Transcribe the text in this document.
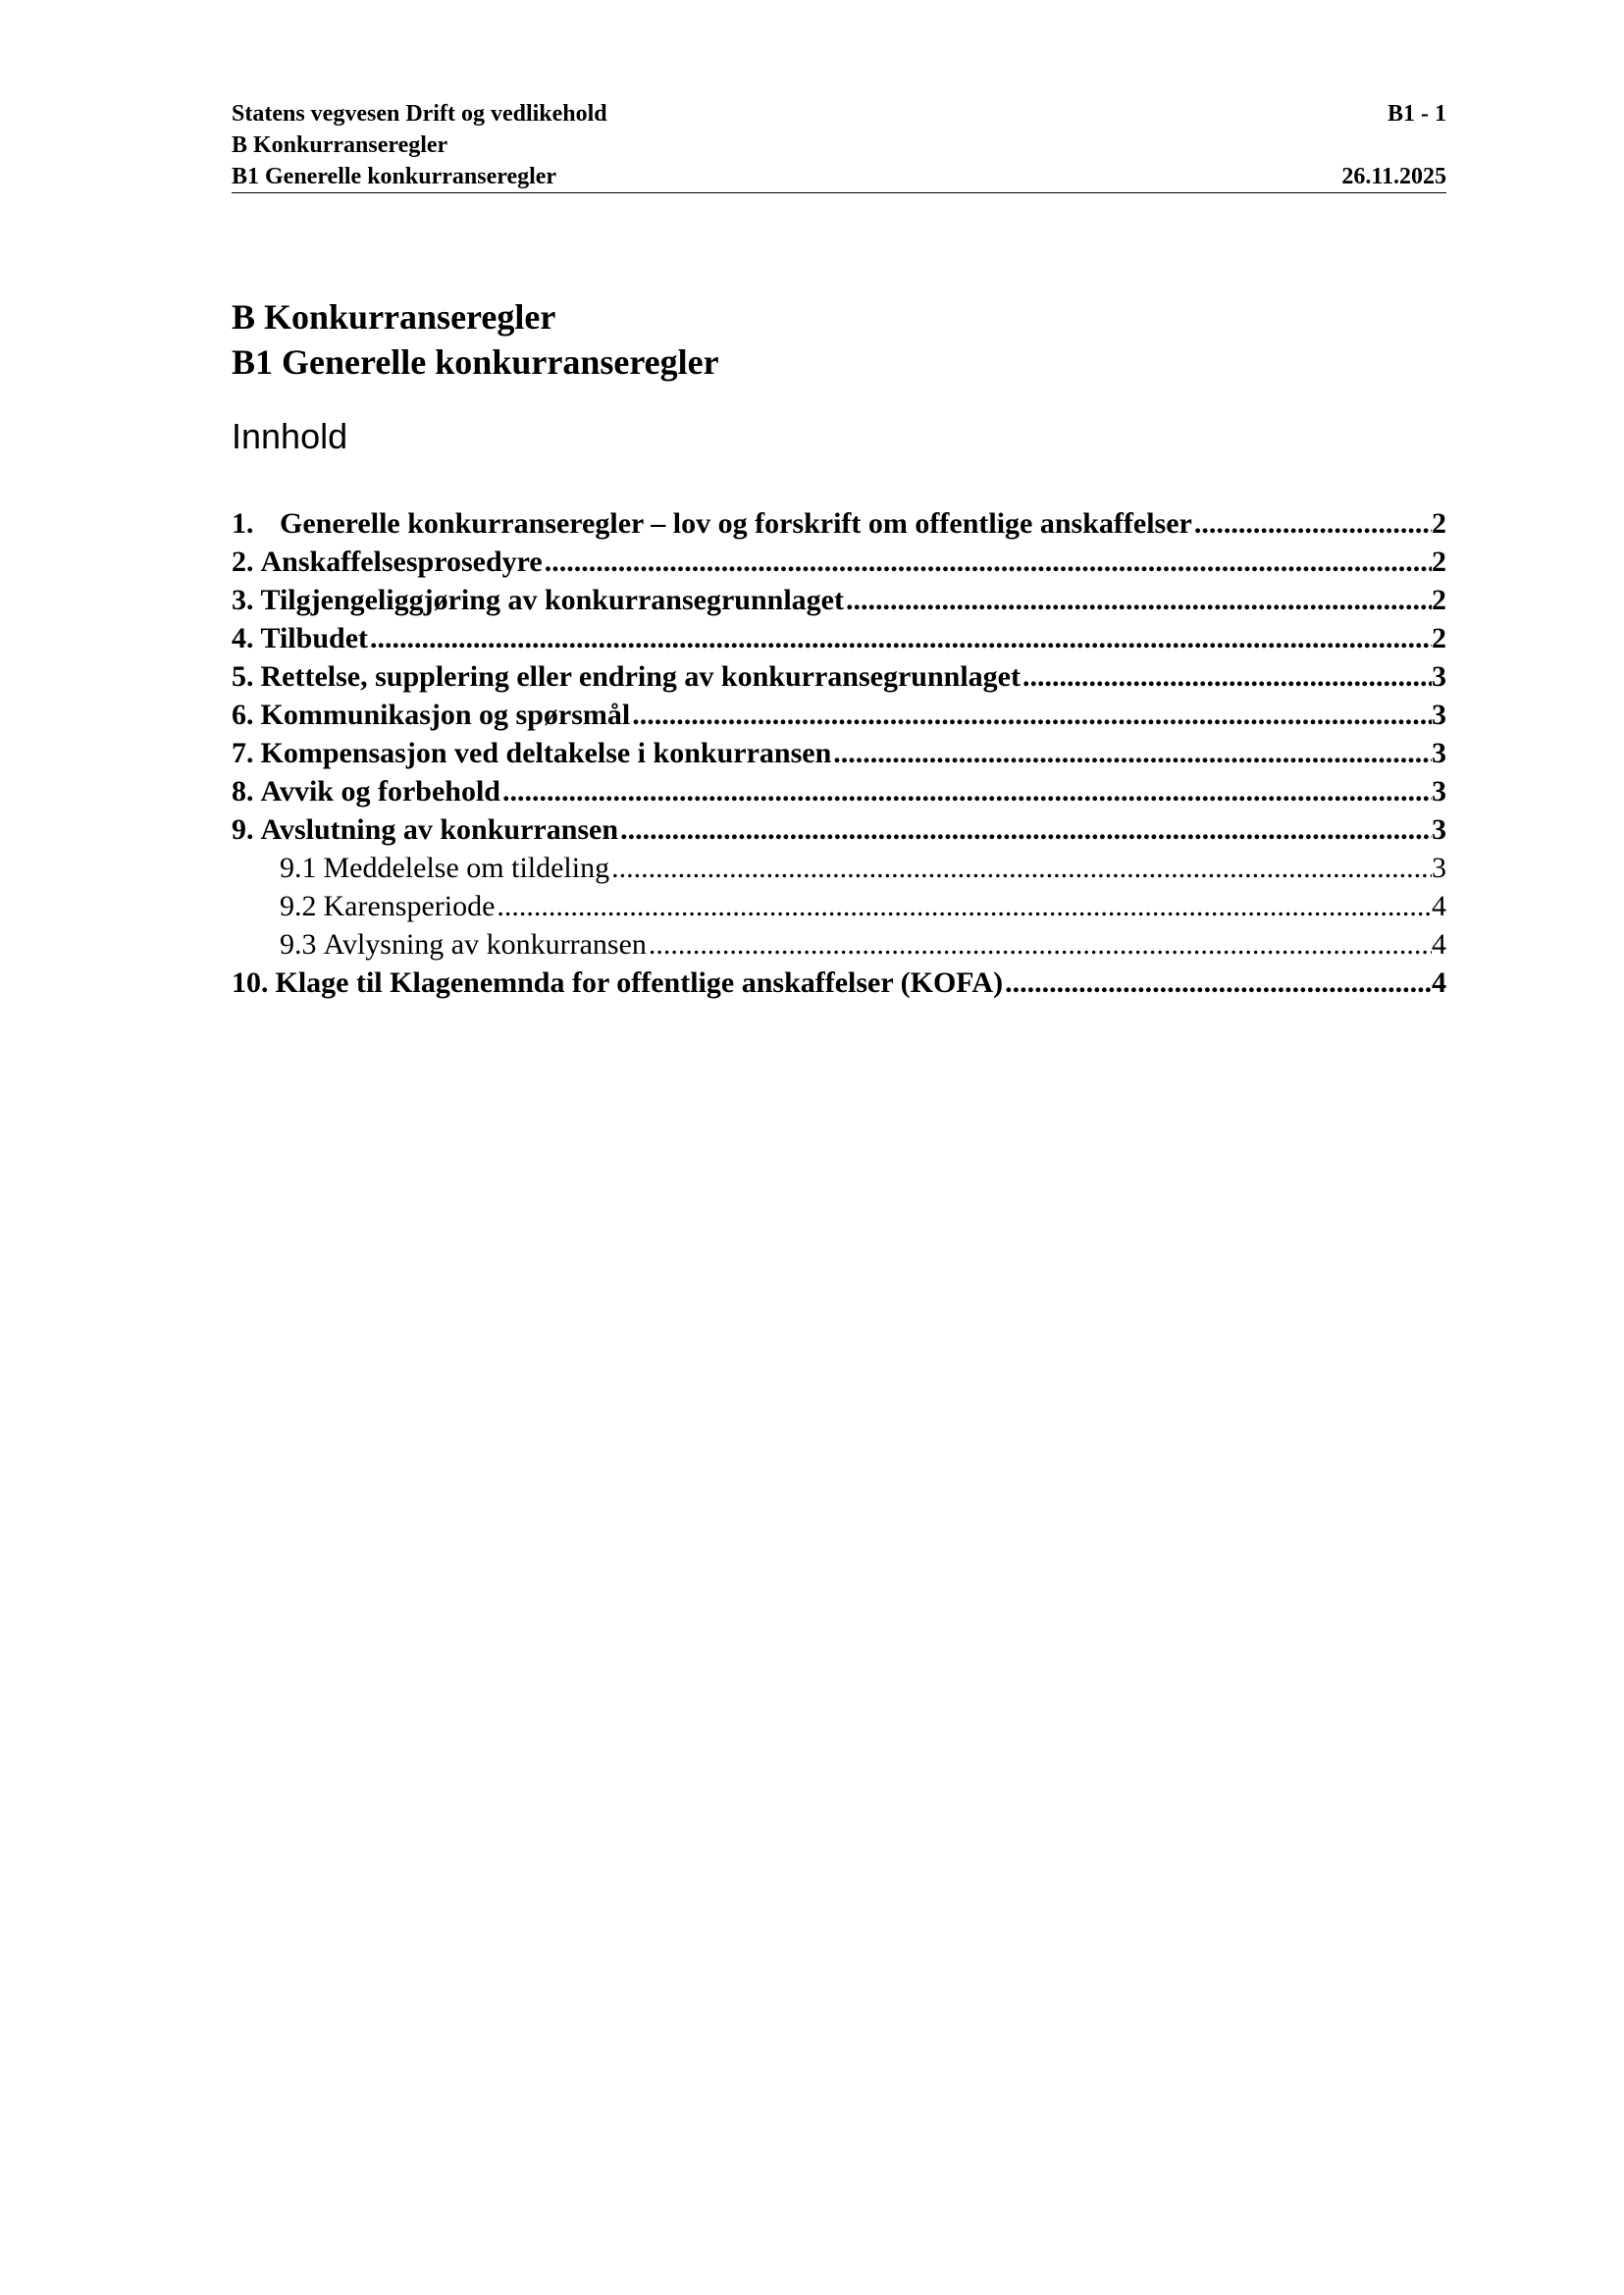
Statens vegvesen Drift og vedlikehold	B1 - 1
B Konkurranseregler
B1 Generelle konkurranseregler	26.11.2025
B Konkurranseregler
B1 Generelle konkurranseregler
Innhold
1. Generelle konkurranseregler – lov og forskrift om offentlige anskaffelser .....	2
2. Anskaffelsesprosedyre .....	2
3. Tilgjengeliggjøring av konkurransegrunnlaget .....	2
4. Tilbudet .....	2
5. Rettelse, supplering eller endring av konkurransegrunnlaget .....	3
6. Kommunikasjon og spørsmål .....	3
7. Kompensasjon ved deltakelse i konkurransen .....	3
8. Avvik og forbehold .....	3
9. Avslutning av konkurransen .....	3
9.1 Meddelelse om tildeling .....	3
9.2 Karensperiode .....	4
9.3 Avlysning av konkurransen .....	4
10. Klage til Klagenemnda for offentlige anskaffelser (KOFA) .....	4
